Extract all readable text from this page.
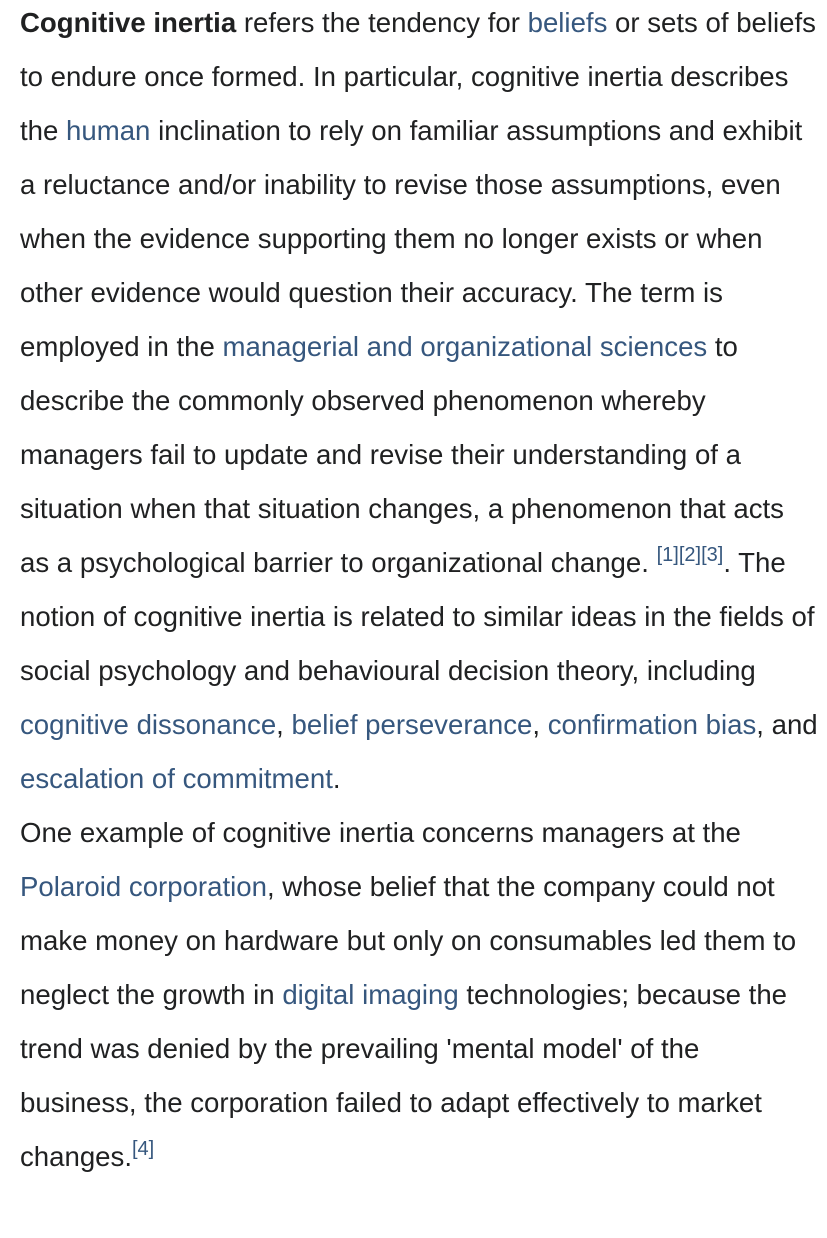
Cognitive inertia refers the tendency for beliefs or sets of beliefs to endure once formed. In particular, cognitive inertia describes the human inclination to rely on familiar assumptions and exhibit a reluctance and/or inability to revise those assumptions, even when the evidence supporting them no longer exists or when other evidence would question their accuracy. The term is employed in the managerial and organizational sciences to describe the commonly observed phenomenon whereby managers fail to update and revise their understanding of a situation when that situation changes, a phenomenon that acts as a psychological barrier to organizational change. [1][2][3]. The notion of cognitive inertia is related to similar ideas in the fields of social psychology and behavioural decision theory, including cognitive dissonance, belief perseverance, confirmation bias, and escalation of commitment.

One example of cognitive inertia concerns managers at the Polaroid corporation, whose belief that the company could not make money on hardware but only on consumables led them to neglect the growth in digital imaging technologies; because the trend was denied by the prevailing 'mental model' of the business, the corporation failed to adapt effectively to market changes.[4]
